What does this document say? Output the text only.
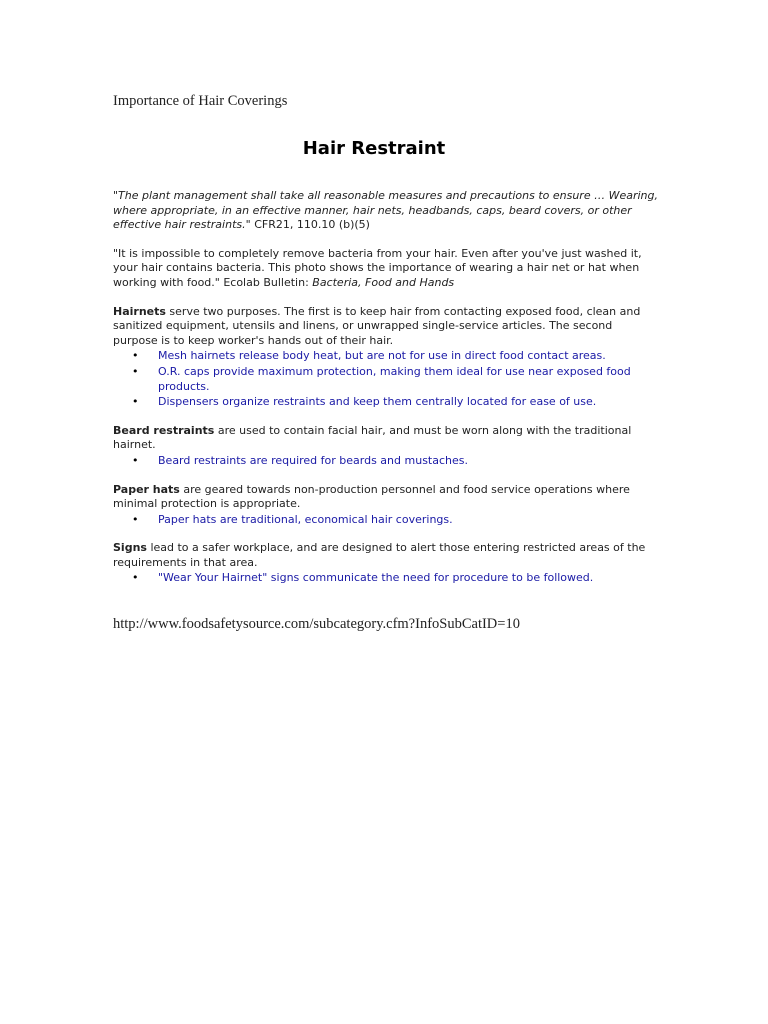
Importance of Hair Coverings
Hair Restraint

"The plant management shall take all reasonable measures and precautions to ensure … Wearing, where appropriate, in an effective manner, hair nets, headbands, caps, beard covers, or other effective hair restraints." CFR21, 110.10 (b)(5)

"It is impossible to completely remove bacteria from your hair. Even after you've just washed it, your hair contains bacteria. This photo shows the importance of wearing a hair net or hat when working with food." Ecolab Bulletin: Bacteria, Food and Hands

Hairnets serve two purposes. The first is to keep hair from contacting exposed food, clean and sanitized equipment, utensils and linens, or unwrapped single-service articles. The second purpose is to keep worker's hands out of their hair.

• Mesh hairnets release body heat, but are not for use in direct food contact areas.
• O.R. caps provide maximum protection, making them ideal for use near exposed food products.
• Dispensers organize restraints and keep them centrally located for ease of use.

Beard restraints are used to contain facial hair, and must be worn along with the traditional hairnet.

• Beard restraints are required for beards and mustaches.

Paper hats are geared towards non-production personnel and food service operations where minimal protection is appropriate.

• Paper hats are traditional, economical hair coverings.

Signs lead to a safer workplace, and are designed to alert those entering restricted areas of the requirements in that area.

• "Wear Your Hairnet" signs communicate the need for procedure to be followed.
http://www.foodsafetysource.com/subcategory.cfm?InfoSubCatID=10
